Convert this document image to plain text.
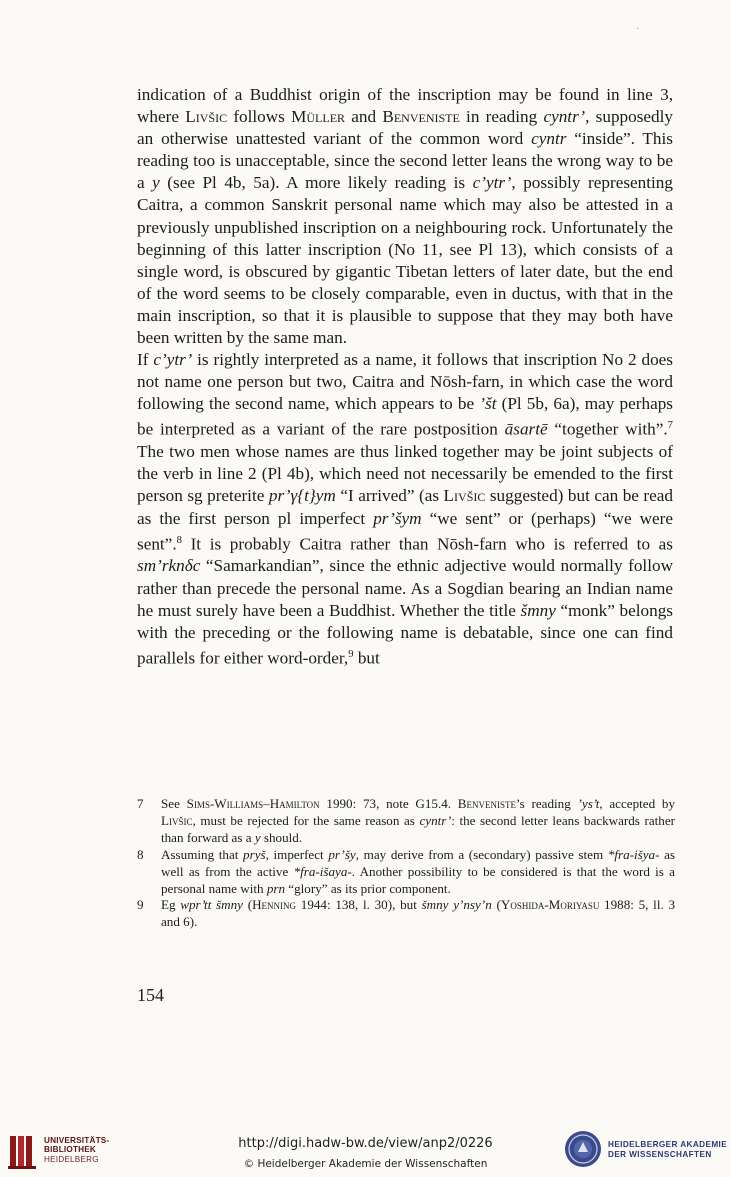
indication of a Buddhist origin of the inscription may be found in line 3, where Livšic follows Müller and Benveniste in reading cyntr’, supposedly an otherwise unattested variant of the common word cyntr “inside”. This reading too is unacceptable, since the second letter leans the wrong way to be a y (see Pl 4b, 5a). A more likely reading is c’ytr’, possibly representing Caitra, a common Sanskrit personal name which may also be attested in a previously unpublished inscription on a neighbouring rock. Unfortunately the beginning of this latter inscription (No 11, see Pl 13), which consists of a single word, is obscured by gigantic Tibetan letters of later date, but the end of the word seems to be closely comparable, even in ductus, with that in the main inscription, so that it is plausible to suppose that they may both have been written by the same man.

If c’ytr’ is rightly interpreted as a name, it follows that inscription No 2 does not name one person but two, Caitra and Nōsh-farn, in which case the word following the second name, which appears to be ’št (Pl 5b, 6a), may perhaps be interpreted as a variant of the rare postposition āsartē “together with”.$^7$ The two men whose names are thus linked together may be joint subjects of the verb in line 2 (Pl 4b), which need not necessarily be emended to the first person sg preterite pr’γ{t}ym “I arrived” (as Livšic suggested) but can be read as the first person pl imperfect pr’šym “we sent” or (perhaps) “we were sent”.$^8$ It is probably Caitra rather than Nōsh-farn who is referred to as sm’rknδc “Samarkandian”, since the ethnic adjective would normally follow rather than precede the personal name. As a Sogdian bearing an Indian name he must surely have been a Buddhist. Whether the title šmny “monk” belongs with the preceding or the following name is debatable, since one can find parallels for either word-order,$^9$ but

7	See Sims-Williams–Hamilton 1990: 73, note G15.4. Benveniste’s reading ’ys’t, accepted by Livšic, must be rejected for the same reason as cyntr’: the second letter leans backwards rather than forward as a y should.
8	Assuming that pryš, imperfect pr’šy, may derive from a (secondary) passive stem *fra-išya- as well as from the active *fra-išaya-. Another possibility to be considered is that the word is a personal name with prn “glory” as its prior component.
9	Eg wpr’tt šmny (Henning 1944: 138, l. 30), but šmny y’nsy’n (Yoshida-Moriyasu 1988: 5, ll. 3 and 6).
154
·
UNIVERSITÄTS-
BIBLIOTHEK
HEIDELBERG
http://digi.hadw-bw.de/view/anp2/0226
© Heidelberger Akademie der Wissenschaften
HEIDELBERGER AKADEMIE
DER WISSENSCHAFTEN
